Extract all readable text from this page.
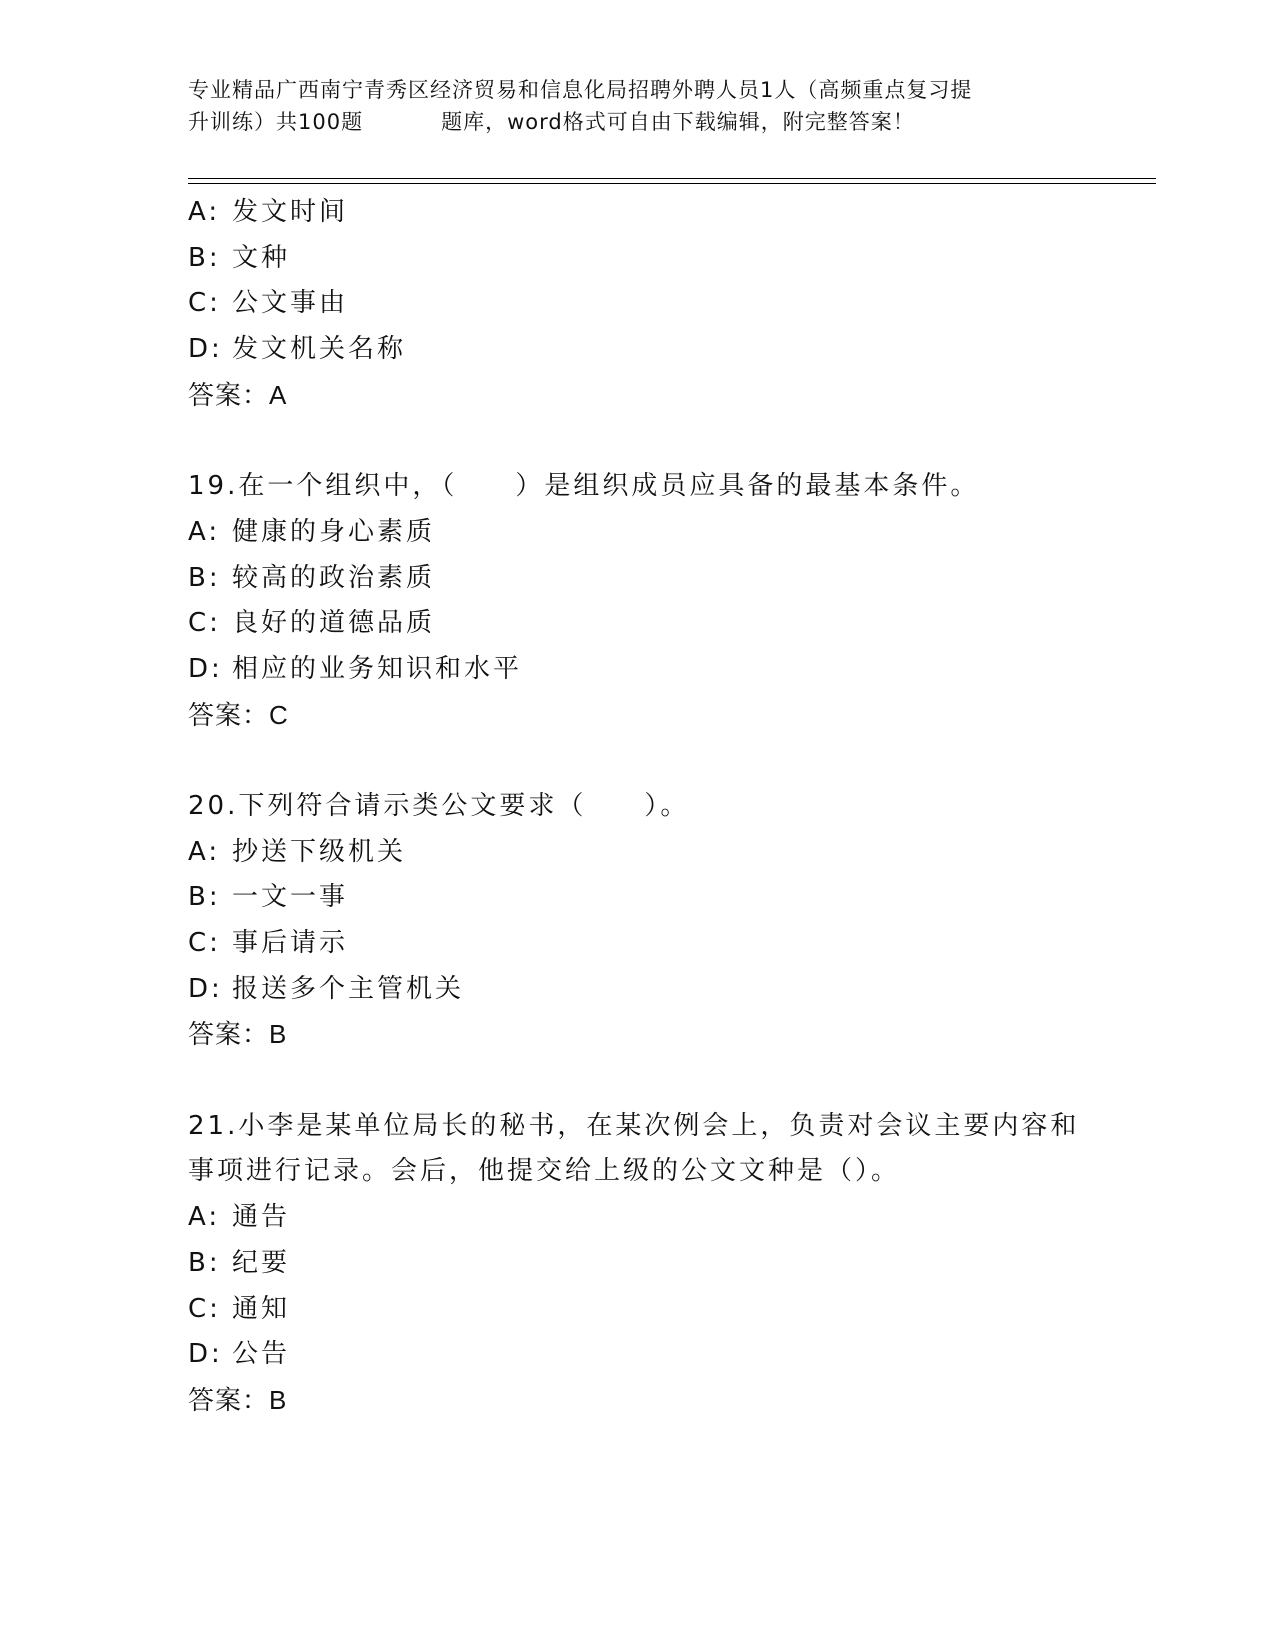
专业精品广西南宁青秀区经济贸易和信息化局招聘外聘人员1人（高频重点复习提
升训练）共100题	题库，word格式可自由下载编辑，附完整答案！
A: 发文时间
B: 文种
C: 公文事由
D: 发文机关名称
答案：A
19.在一个组织中，（　　）是组织成员应具备的最基本条件。
A: 健康的身心素质
B: 较高的政治素质
C: 良好的道德品质
D: 相应的业务知识和水平
答案：C
20.下列符合请示类公文要求（　　）。
A: 抄送下级机关
B: 一文一事
C: 事后请示
D: 报送多个主管机关
答案：B
21.小李是某单位局长的秘书，在某次例会上，负责对会议主要内容和
事项进行记录。会后，他提交给上级的公文文种是（）。
A: 通告
B: 纪要
C: 通知
D: 公告
答案：B
